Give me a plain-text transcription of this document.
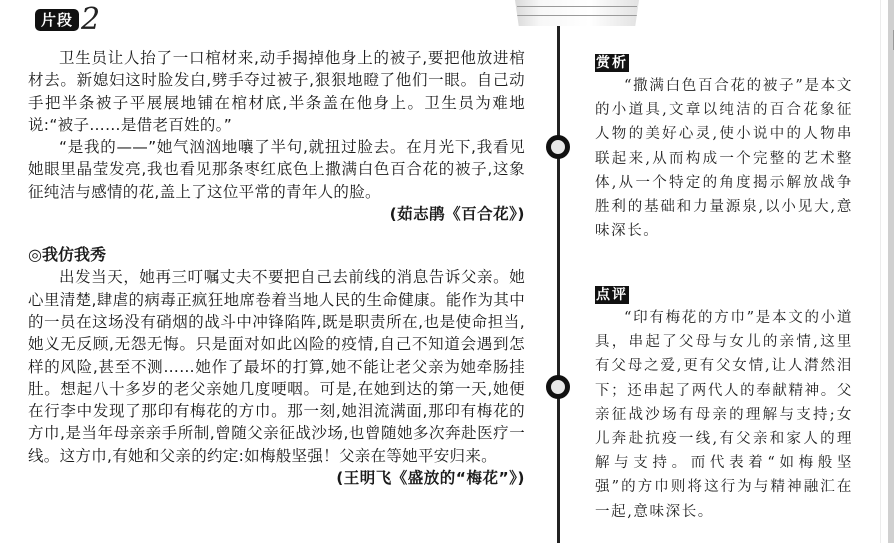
片段 2

卫生员让人抬了一口棺材来,动手揭掉他身上的被子,要把他放进棺材去。新媳妇这时脸发白,劈手夺过被子,狠狠地瞪了他们一眼。自己动手把半条被子平展展地铺在棺材底,半条盖在他身上。卫生员为难地说:“被子……是借老百姓的。”

“是我的——”她气汹汹地嚷了半句,就扭过脸去。在月光下,我看见她眼里晶莹发亮,我也看见那条枣红底色上撒满白色百合花的被子,这象征纯洁与感情的花,盖上了这位平常的青年人的脸。

(茹志鹃《百合花》)

◎我仿我秀

出发当天，她再三叮嘱丈夫不要把自己去前线的消息告诉父亲。她心里清楚,肆虐的病毒正疯狂地席卷着当地人民的生命健康。能作为其中的一员在这场没有硝烟的战斗中冲锋陷阵,既是职责所在,也是使命担当,她义无反顾,无怨无悔。只是面对如此凶险的疫情,自己不知道会遇到怎样的风险,甚至不测……她作了最坏的打算,她不能让老父亲为她牵肠挂肚。想起八十多岁的老父亲她几度哽咽。可是,在她到达的第一天,她便在行李中发现了那印有梅花的方巾。那一刻,她泪流满面,那印有梅花的方巾,是当年母亲亲手所制,曾随父亲征战沙场,也曾随她多次奔赴医疗一线。这方巾,有她和父亲的约定:如梅般坚强！父亲在等她平安归来。

(王明飞《盛放的“梅花”》)

赏析

“撒满白色百合花的被子”是本文的小道具,文章以纯洁的百合花象征人物的美好心灵,使小说中的人物串联起来,从而构成一个完整的艺术整体,从一个特定的角度揭示解放战争胜利的基础和力量源泉,以小见大,意味深长。

点评

“印有梅花的方巾”是本文的小道具，串起了父母与女儿的亲情,这里有父母之爱,更有父女情,让人潸然泪下；还串起了两代人的奉献精神。父亲征战沙场有母亲的理解与支持;女儿奔赴抗疫一线,有父亲和家人的理解与支持。而代表着“如梅般坚强”的方巾则将这行为与精神融汇在一起,意味深长。
